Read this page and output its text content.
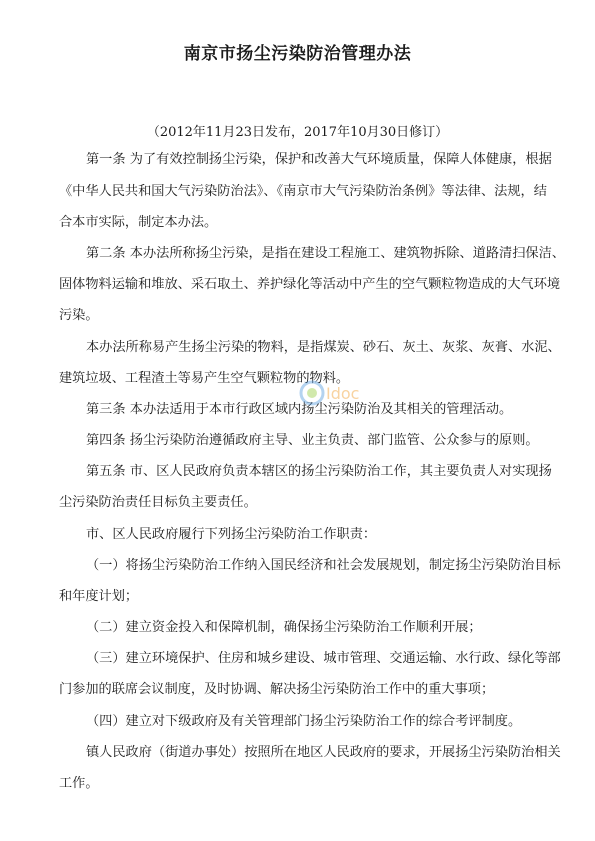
南京市扬尘污染防治管理办法
（2012年11月23日发布，2017年10月30日修订）
第一条 为了有效控制扬尘污染，保护和改善大气环境质量，保障人体健康，根据
《中华人民共和国大气污染防治法》、《南京市大气污染防治条例》等法律、法规，结
合本市实际，制定本办法。
第二条 本办法所称扬尘污染，是指在建设工程施工、建筑物拆除、道路清扫保洁、
固体物料运输和堆放、采石取土、养护绿化等活动中产生的空气颗粒物造成的大气环境
污染。
本办法所称易产生扬尘污染的物料，是指煤炭、砂石、灰土、灰浆、灰膏、水泥、
建筑垃圾、工程渣土等易产生空气颗粒物的物料。
第三条 本办法适用于本市行政区域内扬尘污染防治及其相关的管理活动。
第四条 扬尘污染防治遵循政府主导、业主负责、部门监管、公众参与的原则。
第五条 市、区人民政府负责本辖区的扬尘污染防治工作，其主要负责人对实现扬
尘污染防治责任目标负主要责任。
市、区人民政府履行下列扬尘污染防治工作职责：
（一）将扬尘污染防治工作纳入国民经济和社会发展规划，制定扬尘污染防治目标
和年度计划；
（二）建立资金投入和保障机制，确保扬尘污染防治工作顺利开展；
（三）建立环境保护、住房和城乡建设、城市管理、交通运输、水行政、绿化等部
门参加的联席会议制度，及时协调、解决扬尘污染防治工作中的重大事项；
（四）建立对下级政府及有关管理部门扬尘污染防治工作的综合考评制度。
镇人民政府（街道办事处）按照所在地区人民政府的要求，开展扬尘污染防治相关
工作。
Idoc
